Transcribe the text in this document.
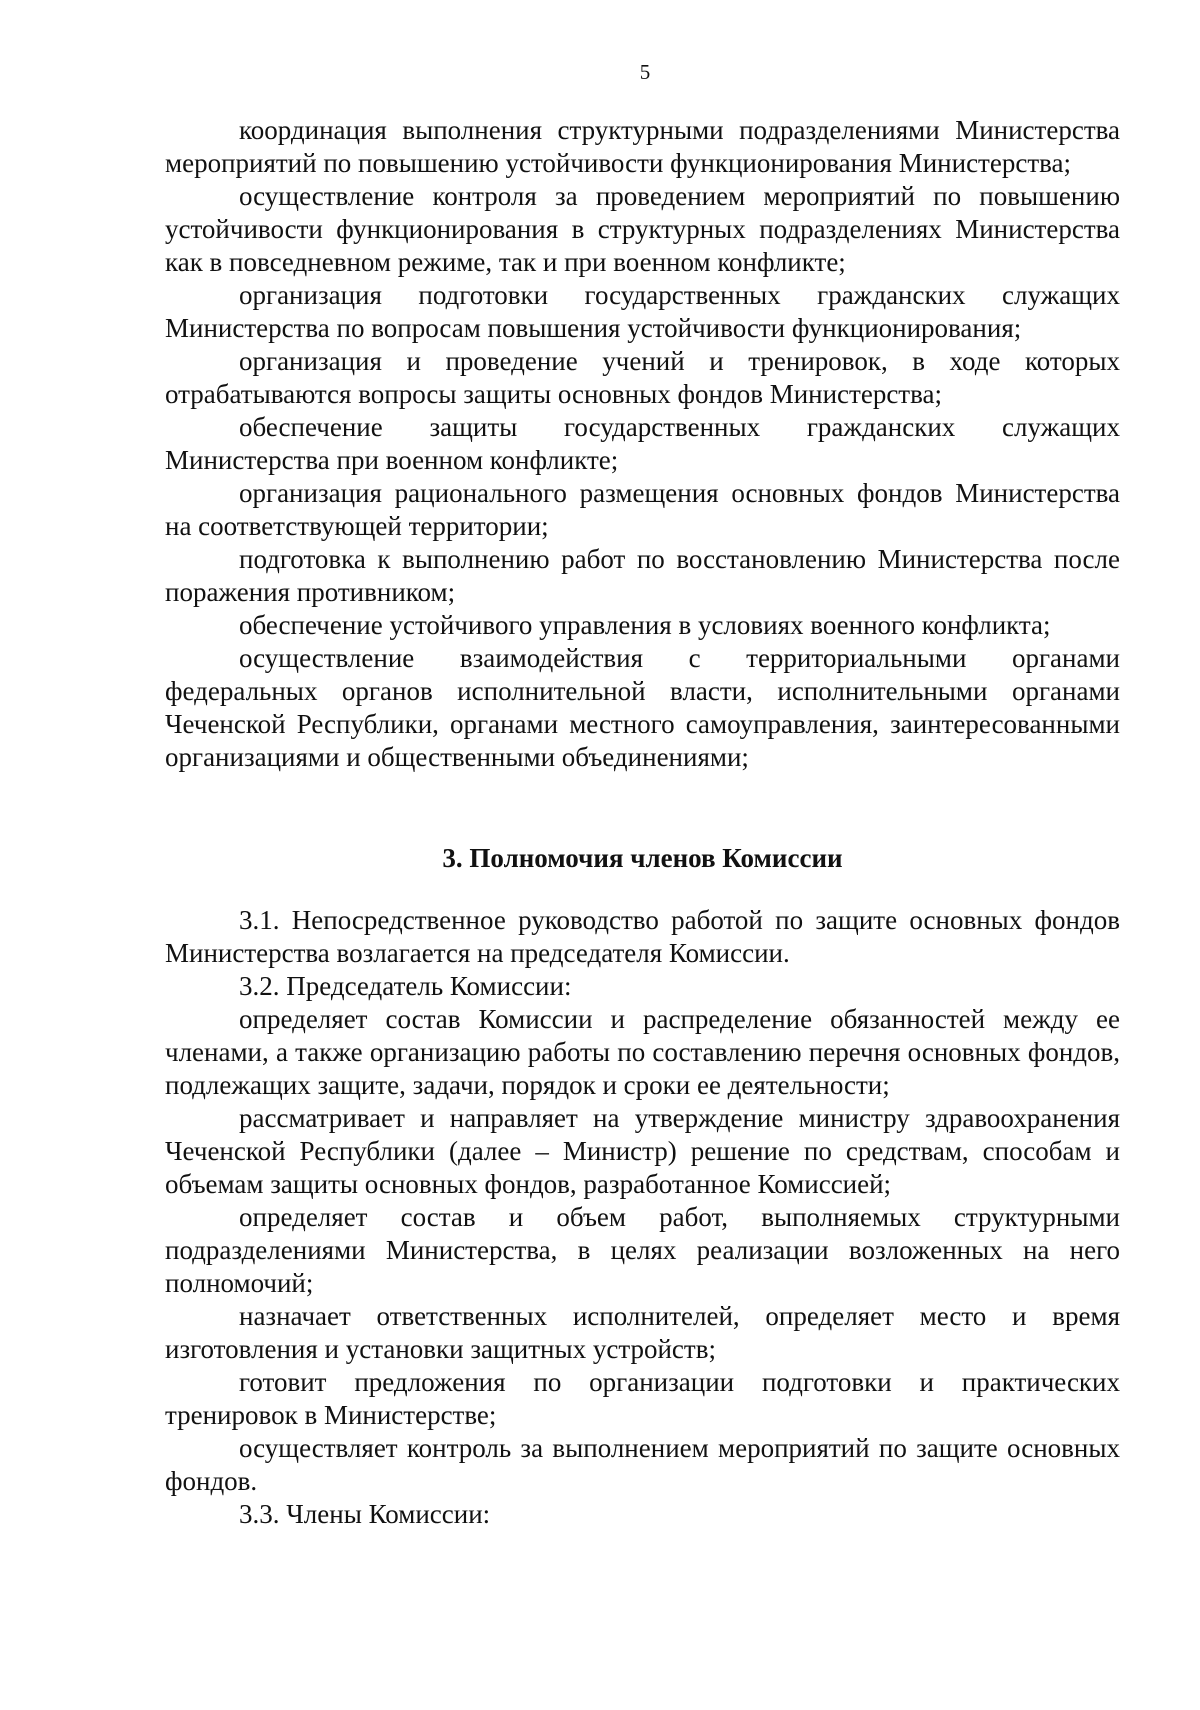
5

координация выполнения структурными подразделениями Министерства мероприятий по повышению устойчивости функционирования Министерства;

осуществление контроля за проведением мероприятий по повышению устойчивости функционирования в структурных подразделениях Министерства как в повседневном режиме, так и при военном конфликте;

организация подготовки государственных гражданских служащих Министерства по вопросам повышения устойчивости функционирования;

организация и проведение учений и тренировок, в ходе которых отрабатываются вопросы защиты основных фондов Министерства;

обеспечение защиты государственных гражданских служащих Министерства при военном конфликте;

организация рационального размещения основных фондов Министерства на соответствующей территории;

подготовка к выполнению работ по восстановлению Министерства после поражения противником;

обеспечение устойчивого управления в условиях военного конфликта;

осуществление взаимодействия с территориальными органами федеральных органов исполнительной власти, исполнительными органами Чеченской Республики, органами местного самоуправления, заинтересованными организациями и общественными объединениями;

3. Полномочия членов Комиссии

3.1. Непосредственное руководство работой по защите основных фондов Министерства возлагается на председателя Комиссии.

3.2. Председатель Комиссии:

определяет состав Комиссии и распределение обязанностей между ее членами, а также организацию работы по составлению перечня основных фондов, подлежащих защите, задачи, порядок и сроки ее деятельности;

рассматривает и направляет на утверждение министру здравоохранения Чеченской Республики (далее – Министр) решение по средствам, способам и объемам защиты основных фондов, разработанное Комиссией;

определяет состав и объем работ, выполняемых структурными подразделениями Министерства, в целях реализации возложенных на него полномочий;

назначает ответственных исполнителей, определяет место и время изготовления и установки защитных устройств;

готовит предложения по организации подготовки и практических тренировок в Министерстве;

осуществляет контроль за выполнением мероприятий по защите основных фондов.

3.3. Члены Комиссии:
